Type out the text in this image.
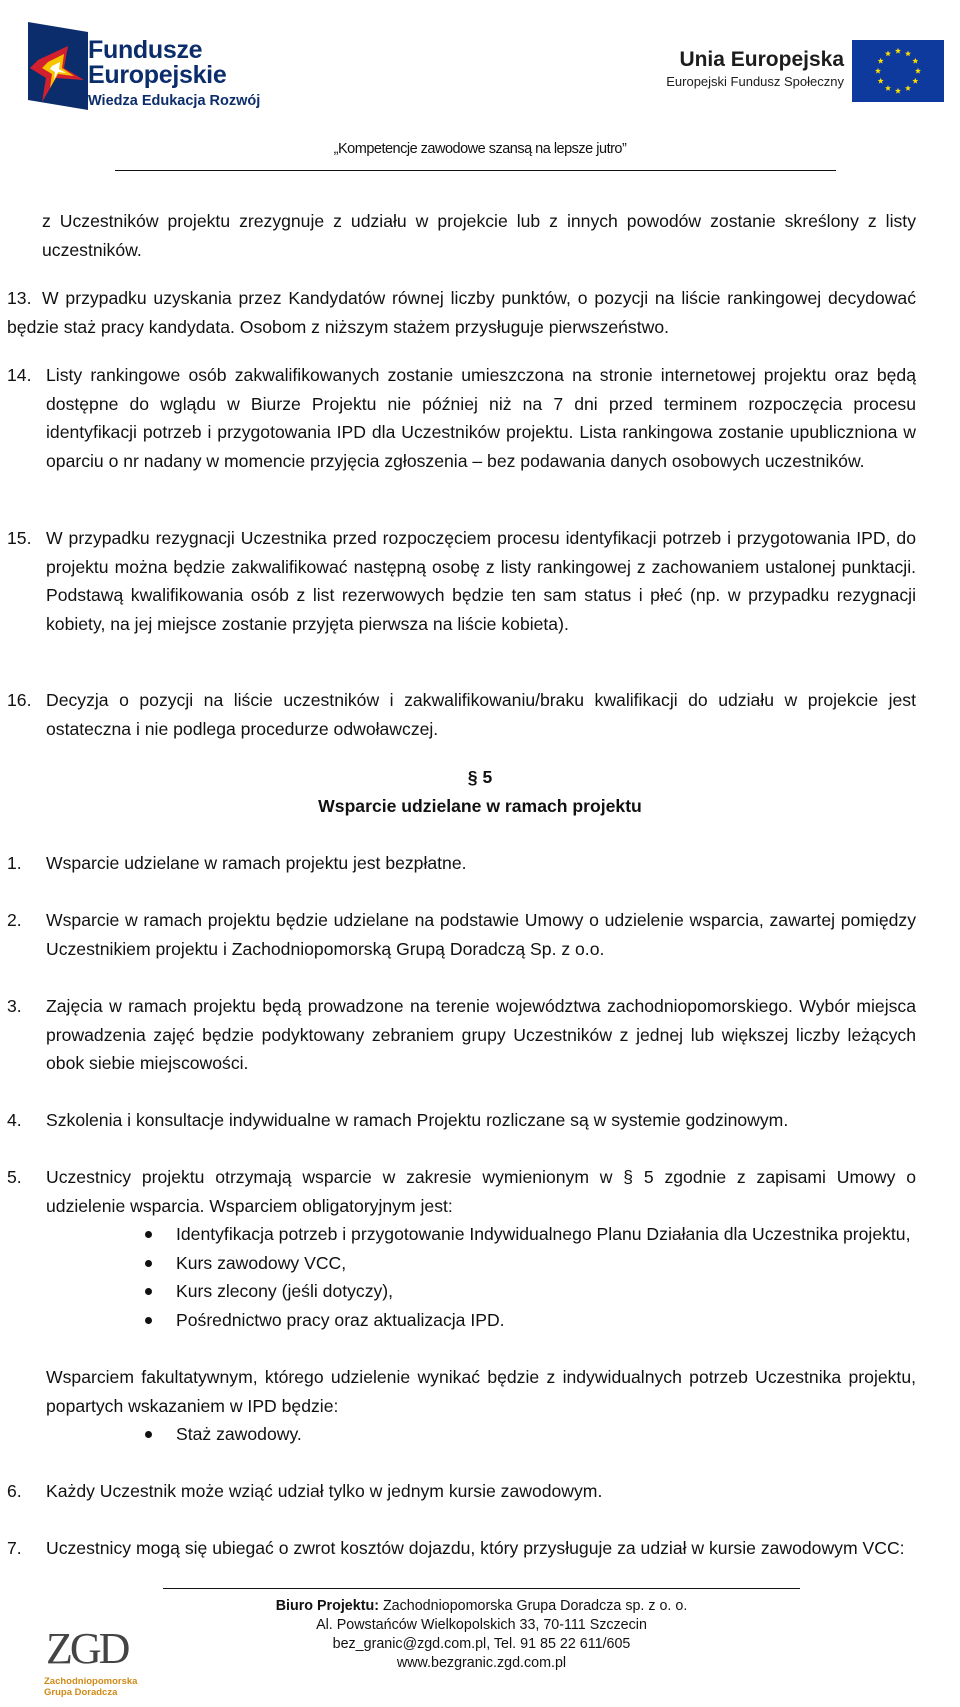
Fundusze
Europejskie
Wiedza Edukacja Rozwój
Unia Europejska
Europejski Fundusz Społeczny
„Kompetencje zawodowe szansą na lepsze jutro”

z Uczestników projektu zrezygnuje z udziału w projekcie lub z innych powodów zostanie skreślony z listy uczestników.

13. W przypadku uzyskania przez Kandydatów równej liczby punktów, o pozycji na liście rankingowej decydować będzie staż pracy kandydata. Osobom z niższym stażem przysługuje pierwszeństwo.
14. Listy rankingowe osób zakwalifikowanych zostanie umieszczona na stronie internetowej projektu oraz będą dostępne do wglądu w Biurze Projektu nie później niż na 7 dni przed terminem rozpoczęcia procesu identyfikacji potrzeb i przygotowania IPD dla Uczestników projektu. Lista rankingowa zostanie upubliczniona w oparciu o nr nadany w momencie przyjęcia zgłoszenia – bez podawania danych osobowych uczestników.
15. W przypadku rezygnacji Uczestnika przed rozpoczęciem procesu identyfikacji potrzeb i przygotowania IPD, do projektu można będzie zakwalifikować następną osobę z listy rankingowej z zachowaniem ustalonej punktacji. Podstawą kwalifikowania osób z list rezerwowych będzie ten sam status i płeć (np. w przypadku rezygnacji kobiety, na jej miejsce zostanie przyjęta pierwsza na liście kobieta).
16. Decyzja o pozycji na liście uczestników i zakwalifikowaniu/braku kwalifikacji do udziału w projekcie jest ostateczna i nie podlega procedurze odwoławczej.
§ 5
Wsparcie udzielane w ramach projektu
1. Wsparcie udzielane w ramach projektu jest bezpłatne.
2. Wsparcie w ramach projektu będzie udzielane na podstawie Umowy o udzielenie wsparcia, zawartej pomiędzy Uczestnikiem projektu i Zachodniopomorską Grupą Doradczą Sp. z o.o.
3. Zajęcia w ramach projektu będą prowadzone na terenie województwa zachodniopomorskiego. Wybór miejsca prowadzenia zajęć będzie podyktowany zebraniem grupy Uczestników z jednej lub większej liczby leżących obok siebie miejscowości.
4. Szkolenia i konsultacje indywidualne w ramach Projektu rozliczane są w systemie godzinowym.
5. Uczestnicy projektu otrzymają wsparcie w zakresie wymienionym w § 5 zgodnie z zapisami Umowy o udzielenie wsparcia. Wsparciem obligatoryjnym jest:
Identyfikacja potrzeb i przygotowanie Indywidualnego Planu Działania dla Uczestnika projektu,
Kurs zawodowy VCC,
Kurs zlecony (jeśli dotyczy),
Pośrednictwo pracy oraz aktualizacja IPD.

Wsparciem fakultatywnym, którego udzielenie wynikać będzie z indywidualnych potrzeb Uczestnika projektu, popartych wskazaniem w IPD będzie:

Staż zawodowy.
6. Każdy Uczestnik może wziąć udział tylko w jednym kursie zawodowym.
7. Uczestnicy mogą się ubiegać o zwrot kosztów dojazdu, który przysługuje za udział w kursie zawodowym VCC:
ZGD
Zachodniopomorska
Grupa Doradcza
Biuro Projektu: Zachodniopomorska Grupa Doradcza sp. z o. o.
Al. Powstańców Wielkopolskich 33, 70-111 Szczecin
bez_granic@zgd.com.pl, Tel. 91 85 22 611/605
www.bezgranic.zgd.com.pl
